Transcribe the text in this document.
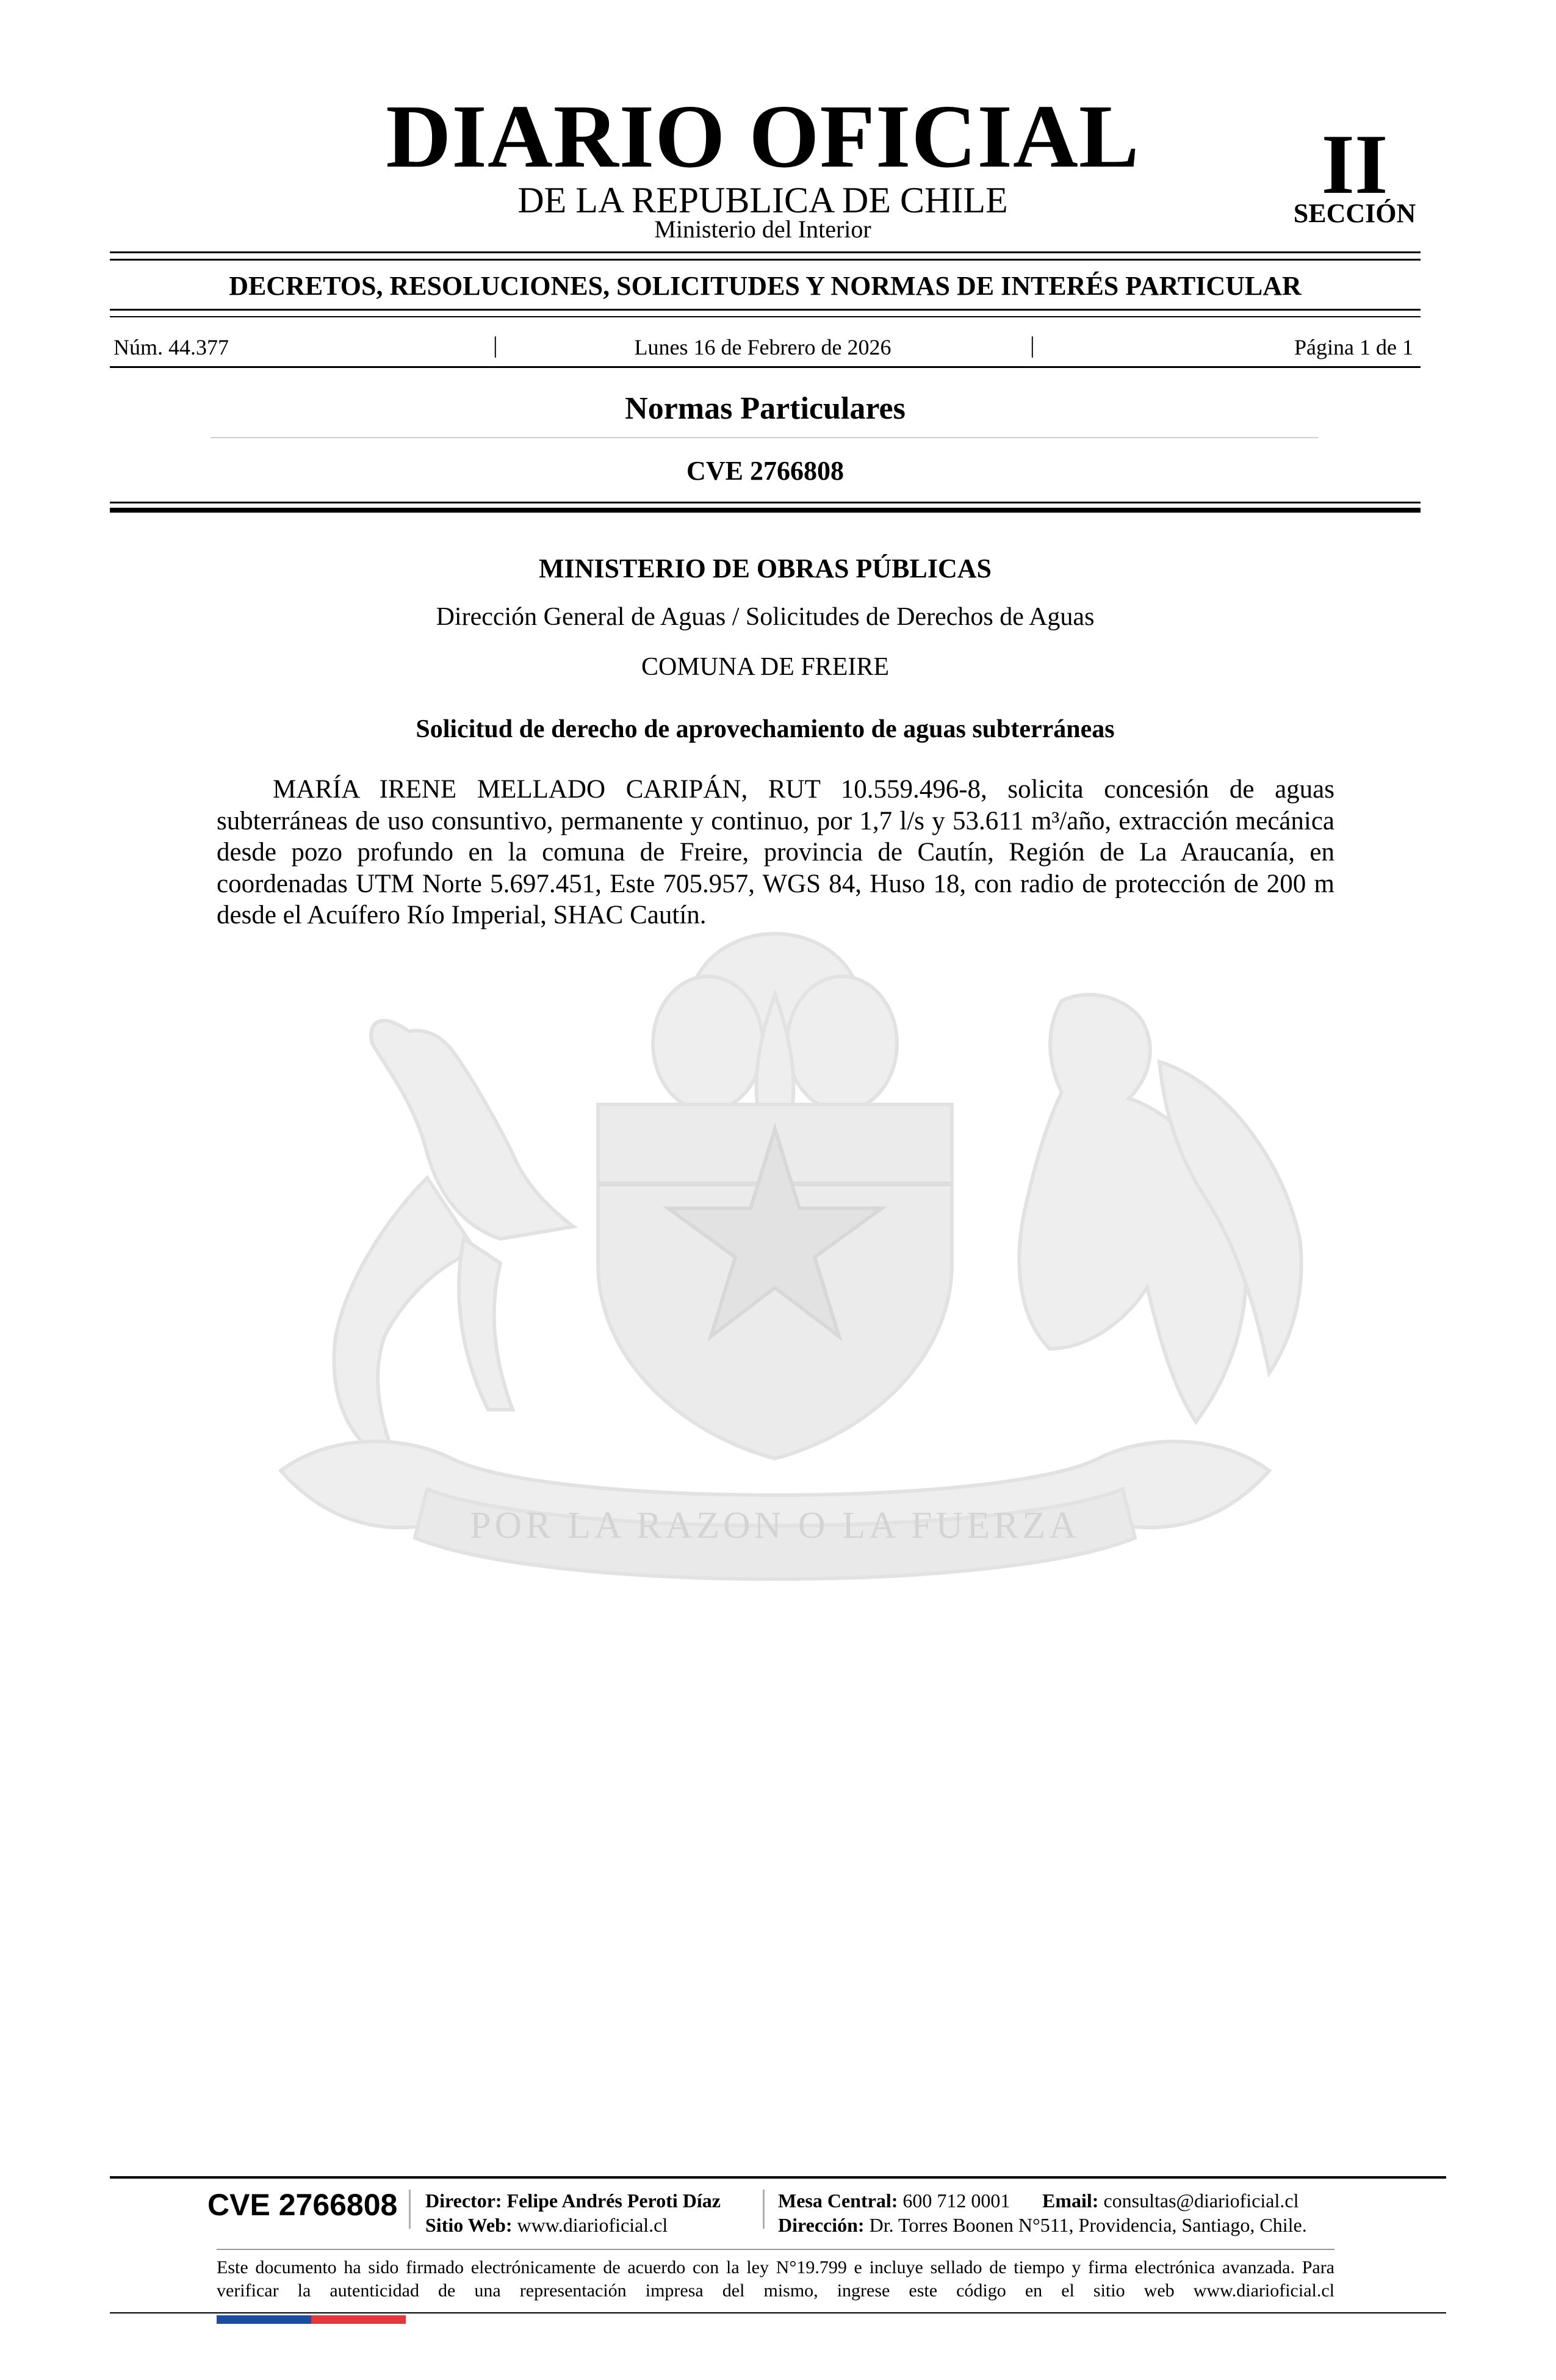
DIARIO OFICIAL
DE LA REPUBLICA DE CHILE
Ministerio del Interior
II
SECCIÓN
DECRETOS, RESOLUCIONES, SOLICITUDES Y NORMAS DE INTERÉS PARTICULAR
Núm. 44.377	|	Lunes 16 de Febrero de 2026	|	Página 1 de 1
Normas Particulares
CVE 2766808
POR LA RAZON O LA FUERZA
MINISTERIO DE OBRAS PÚBLICAS
Dirección General de Aguas / Solicitudes de Derechos de Aguas
COMUNA DE FREIRE
Solicitud de derecho de aprovechamiento de aguas subterráneas
MARÍA IRENE MELLADO CARIPÁN, RUT 10.559.496-8, solicita concesión de aguas subterráneas de uso consuntivo, permanente y continuo, por 1,7 l/s y 53.611 m³/año, extracción mecánica desde pozo profundo en la comuna de Freire, provincia de Cautín, Región de La Araucanía, en coordenadas UTM Norte 5.697.451, Este 705.957, WGS 84, Huso 18, con radio de protección de 200 m desde el Acuífero Río Imperial, SHAC Cautín.
CVE 2766808 Director: Felipe Andrés Peroti Díaz
Sitio Web: www.diarioficial.cl
Mesa Central: 600 712 0001 Email: consultas@diarioficial.cl
Dirección: Dr. Torres Boonen N°511, Providencia, Santiago, Chile.
Este documento ha sido firmado electrónicamente de acuerdo con la ley N°19.799 e incluye sellado de tiempo y firma electrónica avanzada. Para verificar la autenticidad de una representación impresa del mismo, ingrese este código en el sitio web www.diarioficial.cl
